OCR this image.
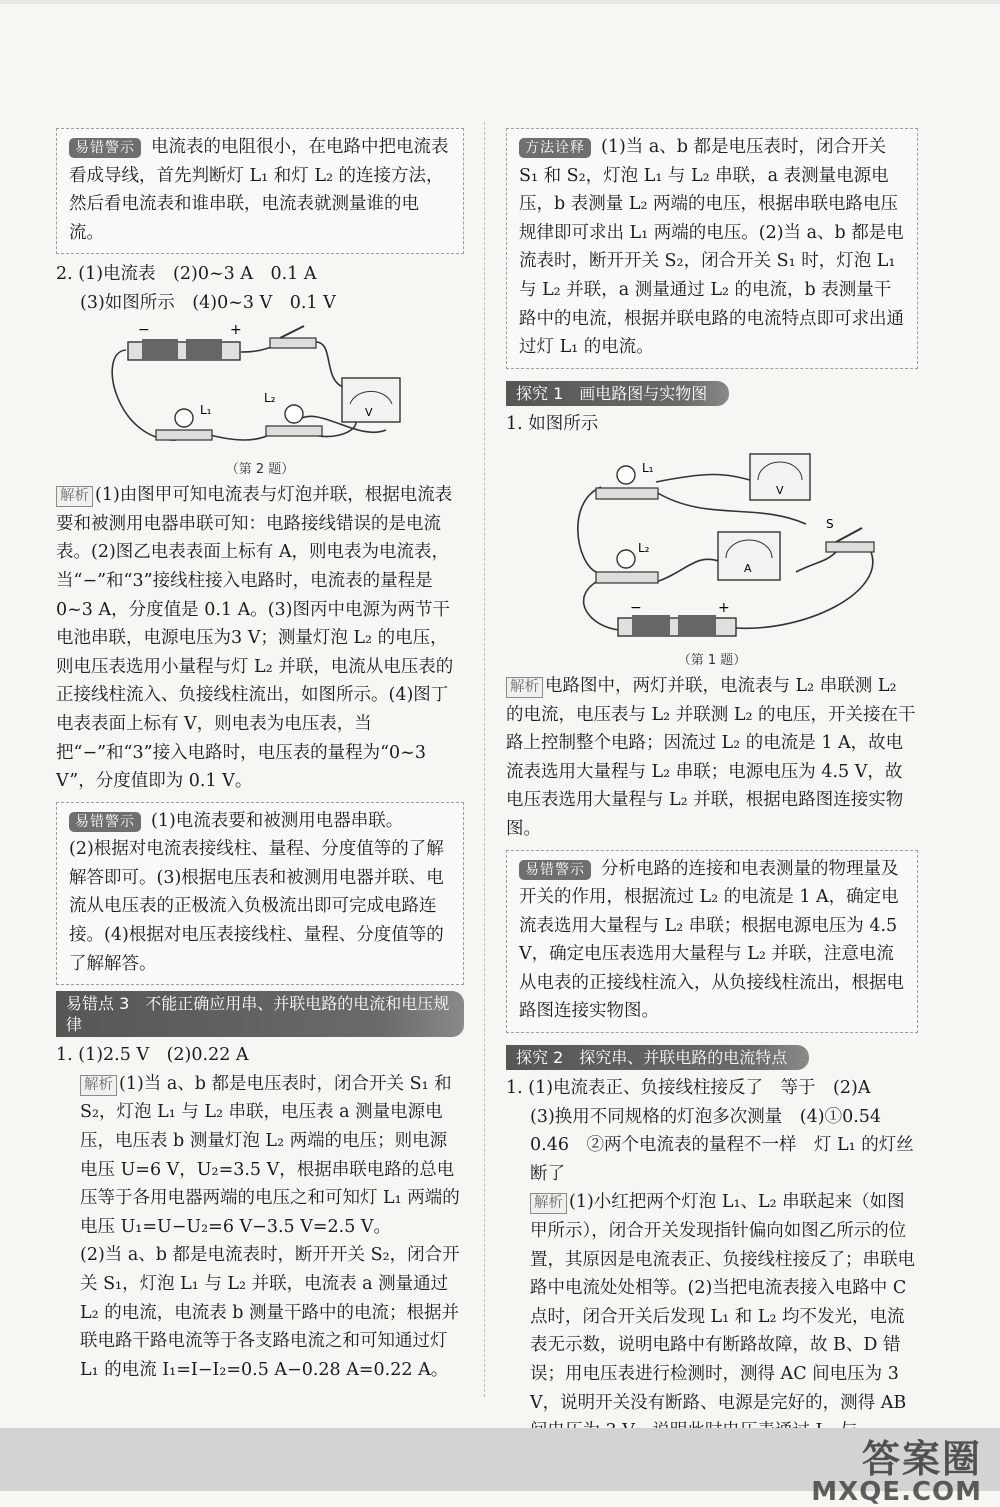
易错警示 电流表的电阻很小，在电路中把电流表看成导线，首先判断灯 L₁ 和灯 L₂ 的连接方法，然后看电流表和谁串联，电流表就测量谁的电流。

2. (1)电流表　(2)0~3 A　0.1 A

(3)如图所示　(4)0~3 V　0.1 V

−	+
V
L₁
L₂
（第 2 题）

解析 (1)由图甲可知电流表与灯泡并联，根据电流表要和被测用电器串联可知：电路接线错误的是电流表。(2)图乙电表表面上标有 A，则电表为电流表，当“−”和“3”接线柱接入电路时，电流表的量程是 0~3 A，分度值是 0.1 A。(3)图丙中电源为两节干电池串联，电源电压为3 V；测量灯泡 L₂ 的电压，则电压表选用小量程与灯 L₂ 并联，电流从电压表的正接线柱流入、负接线柱流出，如图所示。(4)图丁电表表面上标有 V，则电表为电压表，当把“−”和“3”接入电路时，电压表的量程为“0~3 V”，分度值即为 0.1 V。

易错警示 (1)电流表要和被测用电器串联。

(2)根据对电流表接线柱、量程、分度值等的了解解答即可。(3)根据电压表和被测用电器并联、电流从电压表的正极流入负极流出即可完成电路连接。(4)根据对电压表接线柱、量程、分度值等的了解解答。

易错点 3　不能正确应用串、并联电路的电流和电压规律

1. (1)2.5 V　(2)0.22 A

解析 (1)当 a、b 都是电压表时，闭合开关 S₁ 和 S₂，灯泡 L₁ 与 L₂ 串联，电压表 a 测量电源电压，电压表 b 测量灯泡 L₂ 两端的电压；则电源电压 U=6 V，U₂=3.5 V，根据串联电路的总电压等于各用电器两端的电压之和可知灯 L₁ 两端的电压 U₁=U−U₂=6 V−3.5 V=2.5 V。

(2)当 a、b 都是电流表时，断开开关 S₂，闭合开关 S₁，灯泡 L₁ 与 L₂ 并联，电流表 a 测量通过 L₂ 的电流，电流表 b 测量干路中的电流；根据并联电路干路电流等于各支路电流之和可知通过灯 L₁ 的电流 I₁=I−I₂=0.5 A−0.28 A=0.22 A。

方法诠释 (1)当 a、b 都是电压表时，闭合开关 S₁ 和 S₂，灯泡 L₁ 与 L₂ 串联，a 表测量电源电压，b 表测量 L₂ 两端的电压，根据串联电路电压规律即可求出 L₁ 两端的电压。(2)当 a、b 都是电流表时，断开开关 S₂，闭合开关 S₁ 时，灯泡 L₁ 与 L₂ 并联，a 测量通过 L₂ 的电流，b 表测量干路中的电流，根据并联电路的电流特点即可求出通过灯 L₁ 的电流。

探究 1　画电路图与实物图

1. 如图所示

L₁
V
L₂
A
S
−	+
（第 1 题）

解析 电路图中，两灯并联，电流表与 L₂ 串联测 L₂ 的电流，电压表与 L₂ 并联测 L₂ 的电压，开关接在干路上控制整个电路；因流过 L₂ 的电流是 1 A，故电流表选用大量程与 L₂ 串联；电源电压为 4.5 V，故电压表选用大量程与 L₂ 并联，根据电路图连接实物图。

易错警示 分析电路的连接和电表测量的物理量及开关的作用，根据流过 L₂ 的电流是 1 A，确定电流表选用大量程与 L₂ 串联；根据电源电压为 4.5 V，确定电压表选用大量程与 L₂ 并联，注意电流从电表的正接线柱流入，从负接线柱流出，根据电路图连接实物图。

探究 2　探究串、并联电路的电流特点

1. (1)电流表正、负接线柱接反了　等于　(2)A

(3)换用不同规格的灯泡多次测量　(4)①0.54　0.46　②两个电流表的量程不一样　灯 L₁ 的灯丝断了

解析 (1)小红把两个灯泡 L₁、L₂ 串联起来（如图甲所示），闭合开关发现指针偏向如图乙所示的位置，其原因是电流表正、负接线柱接反了；串联电路中电流处处相等。(2)当把电流表接入电路中 C 点时，闭合开关后发现 L₁ 和 L₂ 均不发光，电流表无示数，说明电路中有断路故障，故 B、D 错误；用电压表进行检测时，测得 AC 间电压为 3 V，说明开关没有断路、电源是完好的，测得 AB

答案圈
MXQE.COM
